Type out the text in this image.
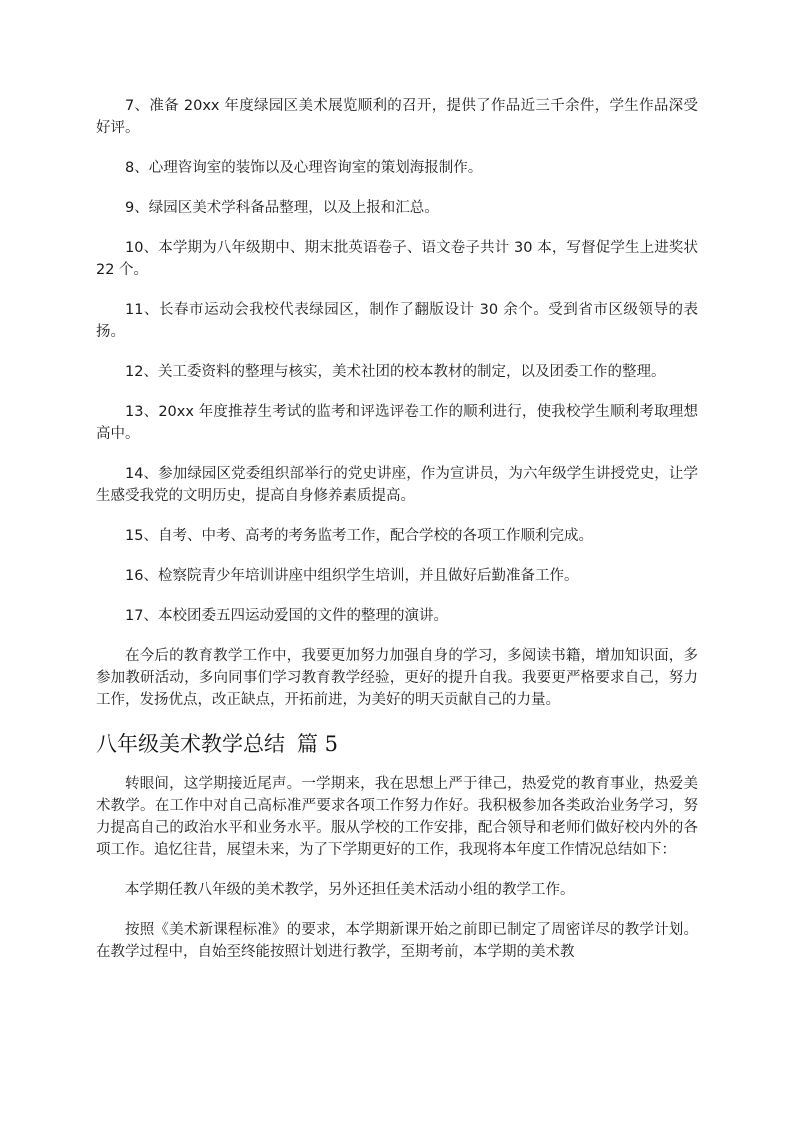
7、准备 20xx 年度绿园区美术展览顺利的召开，提供了作品近三千余件，学生作品深受好评。

8、心理咨询室的装饰以及心理咨询室的策划海报制作。

9、绿园区美术学科备品整理，以及上报和汇总。

10、本学期为八年级期中、期末批英语卷子、语文卷子共计 30 本，写督促学生上进奖状 22 个。

11、长春市运动会我校代表绿园区，制作了翻版设计 30 余个。受到省市区级领导的表扬。

12、关工委资料的整理与核实，美术社团的校本教材的制定，以及团委工作的整理。

13、20xx 年度推荐生考试的监考和评选评卷工作的顺利进行，使我校学生顺利考取理想高中。

14、参加绿园区党委组织部举行的党史讲座，作为宣讲员，为六年级学生讲授党史，让学生感受我党的文明历史，提高自身修养素质提高。

15、自考、中考、高考的考务监考工作，配合学校的各项工作顺利完成。

16、检察院青少年培训讲座中组织学生培训，并且做好后勤准备工作。

17、本校团委五四运动爱国的文件的整理的演讲。

在今后的教育教学工作中，我要更加努力加强自身的学习，多阅读书籍，增加知识面，多参加教研活动，多向同事们学习教育教学经验，更好的提升自我。我要更严格要求自己，努力工作，发扬优点，改正缺点，开拓前进，为美好的明天贡献自己的力量。

八年级美术教学总结 篇 5

转眼间，这学期接近尾声。一学期来，我在思想上严于律己，热爱党的教育事业，热爱美术教学。在工作中对自己高标准严要求各项工作努力作好。我积极参加各类政治业务学习，努力提高自己的政治水平和业务水平。服从学校的工作安排，配合领导和老师们做好校内外的各项工作。追忆往昔，展望未来，为了下学期更好的工作，我现将本年度工作情况总结如下：

本学期任教八年级的美术教学，另外还担任美术活动小组的教学工作。

按照《美术新课程标准》的要求，本学期新课开始之前即已制定了周密详尽的教学计划。在教学过程中，自始至终能按照计划进行教学，至期考前，本学期的美术教
